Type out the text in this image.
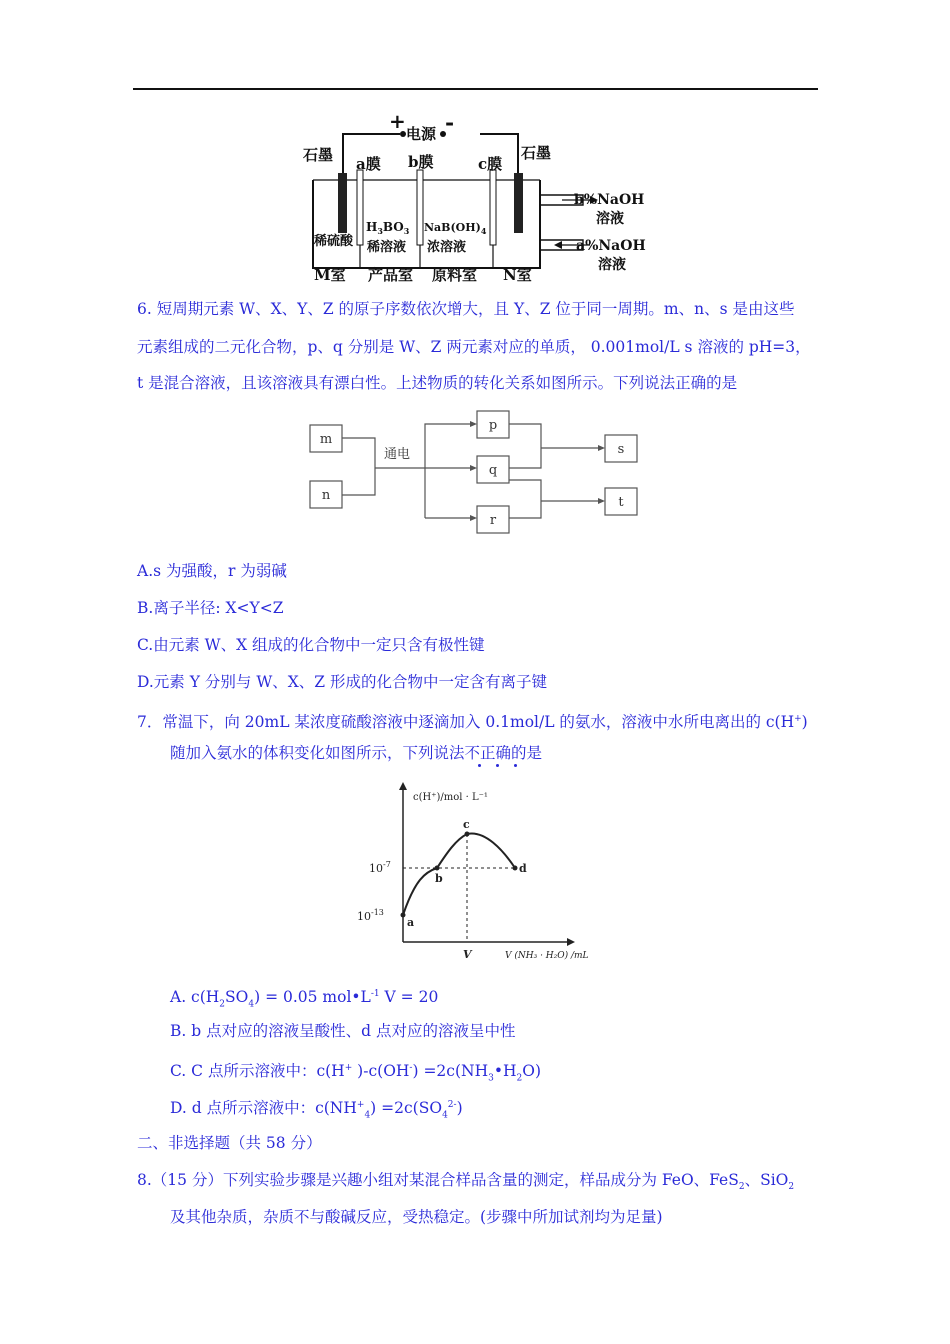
+
电源 -
石墨	石墨
a膜 b膜	c膜
稀硫酸
$H_3BO_3$
稀溶液
$NaB(OH)_4$
浓溶液
M室 产品室 原料室 N室
b%NaOH
溶液
a%NaOH
溶液
6. 短周期元素 W、X、Y、Z 的原子序数依次增大，且 Y、Z 位于同一周期。m、n、s 是由这些
元素组成的二元化合物，p、q 分别是 W、Z 两元素对应的单质， 0.001mol/L s 溶液的 pH=3，
t 是混合溶液，且该溶液具有漂白性。上述物质的转化关系如图所示。下列说法正确的是
m
n
通电
p
q
r
s
t
A.s 为强酸，r 为弱碱
B.离子半径: X<Y<Z
C.由元素 W、X 组成的化合物中一定只含有极性键
D.元素 Y 分别与 W、X、Z 形成的化合物中一定含有离子键
7．常温下，向 20mL 某浓度硫酸溶液中逐滴加入 0.1mol/L 的氨水，溶液中水所电离出的 c(H+)
随加入氨水的体积变化如图所示，下列说法不正确的是
c(H⁺)/mol · L⁻¹
$10^{-7}$
$10^{-13}$
a
b
c
d
V	V (NH₃ · H₂O) /mL
A. $c(H_2SO_4) = 0.05$ $mol•L^{-1}$ V = 20
B. b 点对应的溶液呈酸性、d 点对应的溶液呈中性
C. C 点所示溶液中：c(H+ )$-c(OH^-) =2c(NH_3•H_2O)$
D. d 点所示溶液中：$c(NH^+_4) =2c(SO_4^{2-})$
二、非选择题（共 58 分）
8.（15 分）下列实验步骤是兴趣小组对某混合样品含量的测定，样品成分为 FeO、FeS$_2$、SiO$_2$
及其他杂质，杂质不与酸碱反应，受热稳定。(步骤中所加试剂均为足量)
